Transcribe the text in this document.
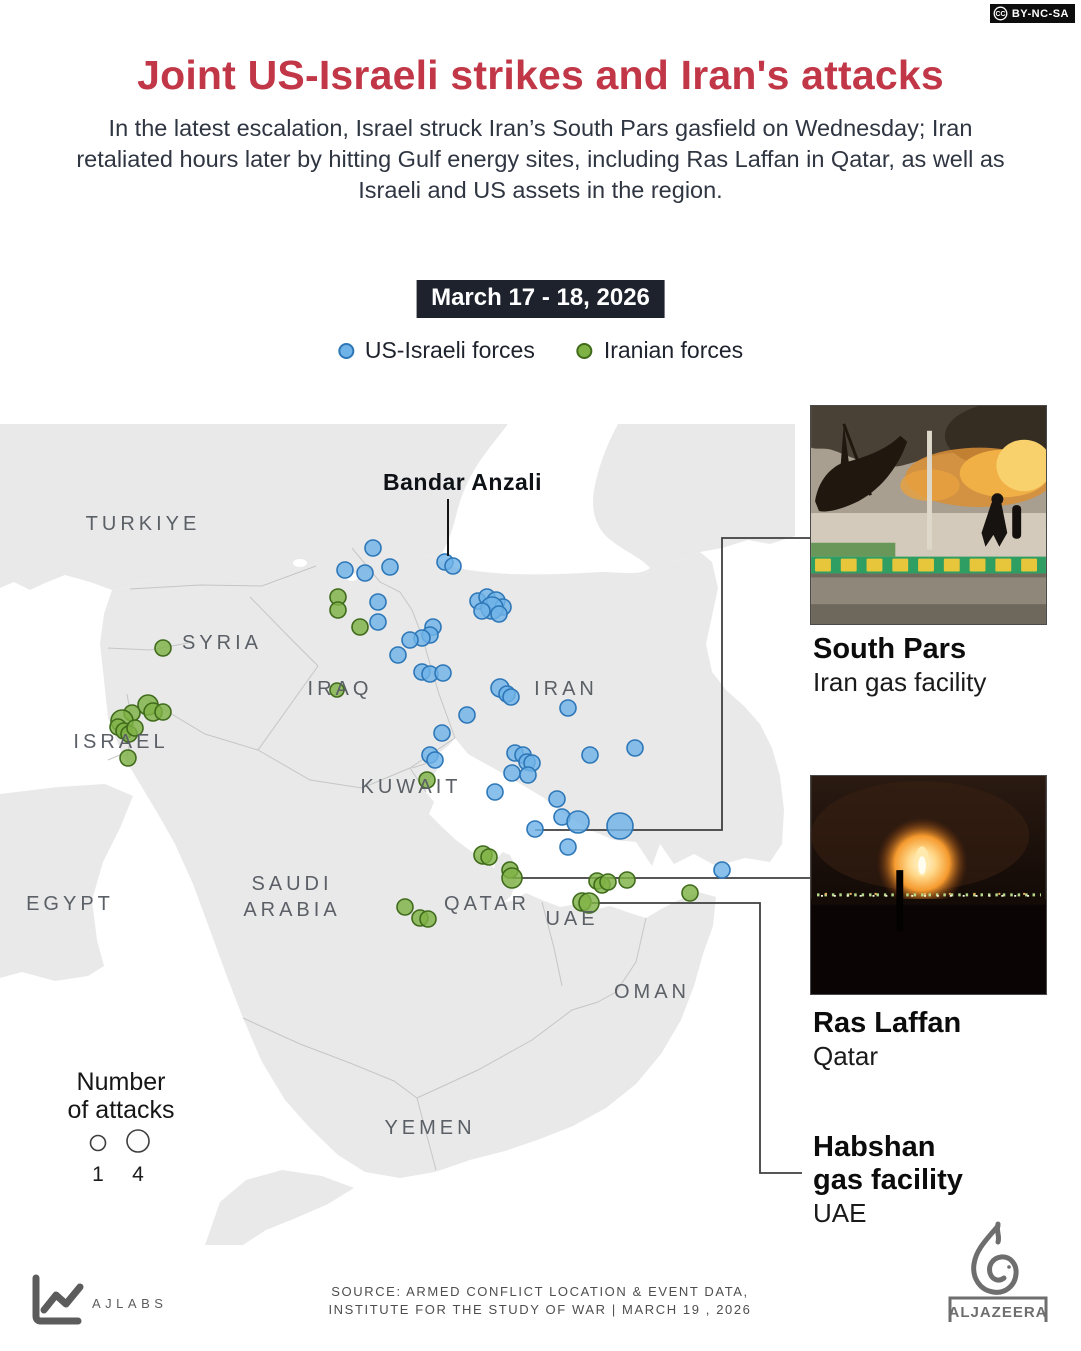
CC BY-NC-SA
Joint US-Israeli strikes and Iran's attacks
In the latest escalation, Israel struck Iran’s South Pars gasfield on Wednesday; Iran retaliated hours later by hitting Gulf energy sites, including Ras Laffan in Qatar, as well as Israeli and US assets in the region.
March 17 - 18, 2026
US-Israeli forces	Iranian forces
TURKIYE
SYRIA
IRAQ	IRAN
ISRAEL
KUWAIT
EGYPT
SAUDI
ARABIA	QATAR
UAE
OMAN
YEMEN
Bandar Anzali
South Pars
Iran gas facility
Ras Laffan
Qatar
Habshan
gas facility
UAE
Number
of attacks
1 4
AJLABS
SOURCE: ARMED CONFLICT LOCATION & EVENT DATA,
INSTITUTE FOR THE STUDY OF WAR | MARCH 19 , 2026	ALJAZEERA
